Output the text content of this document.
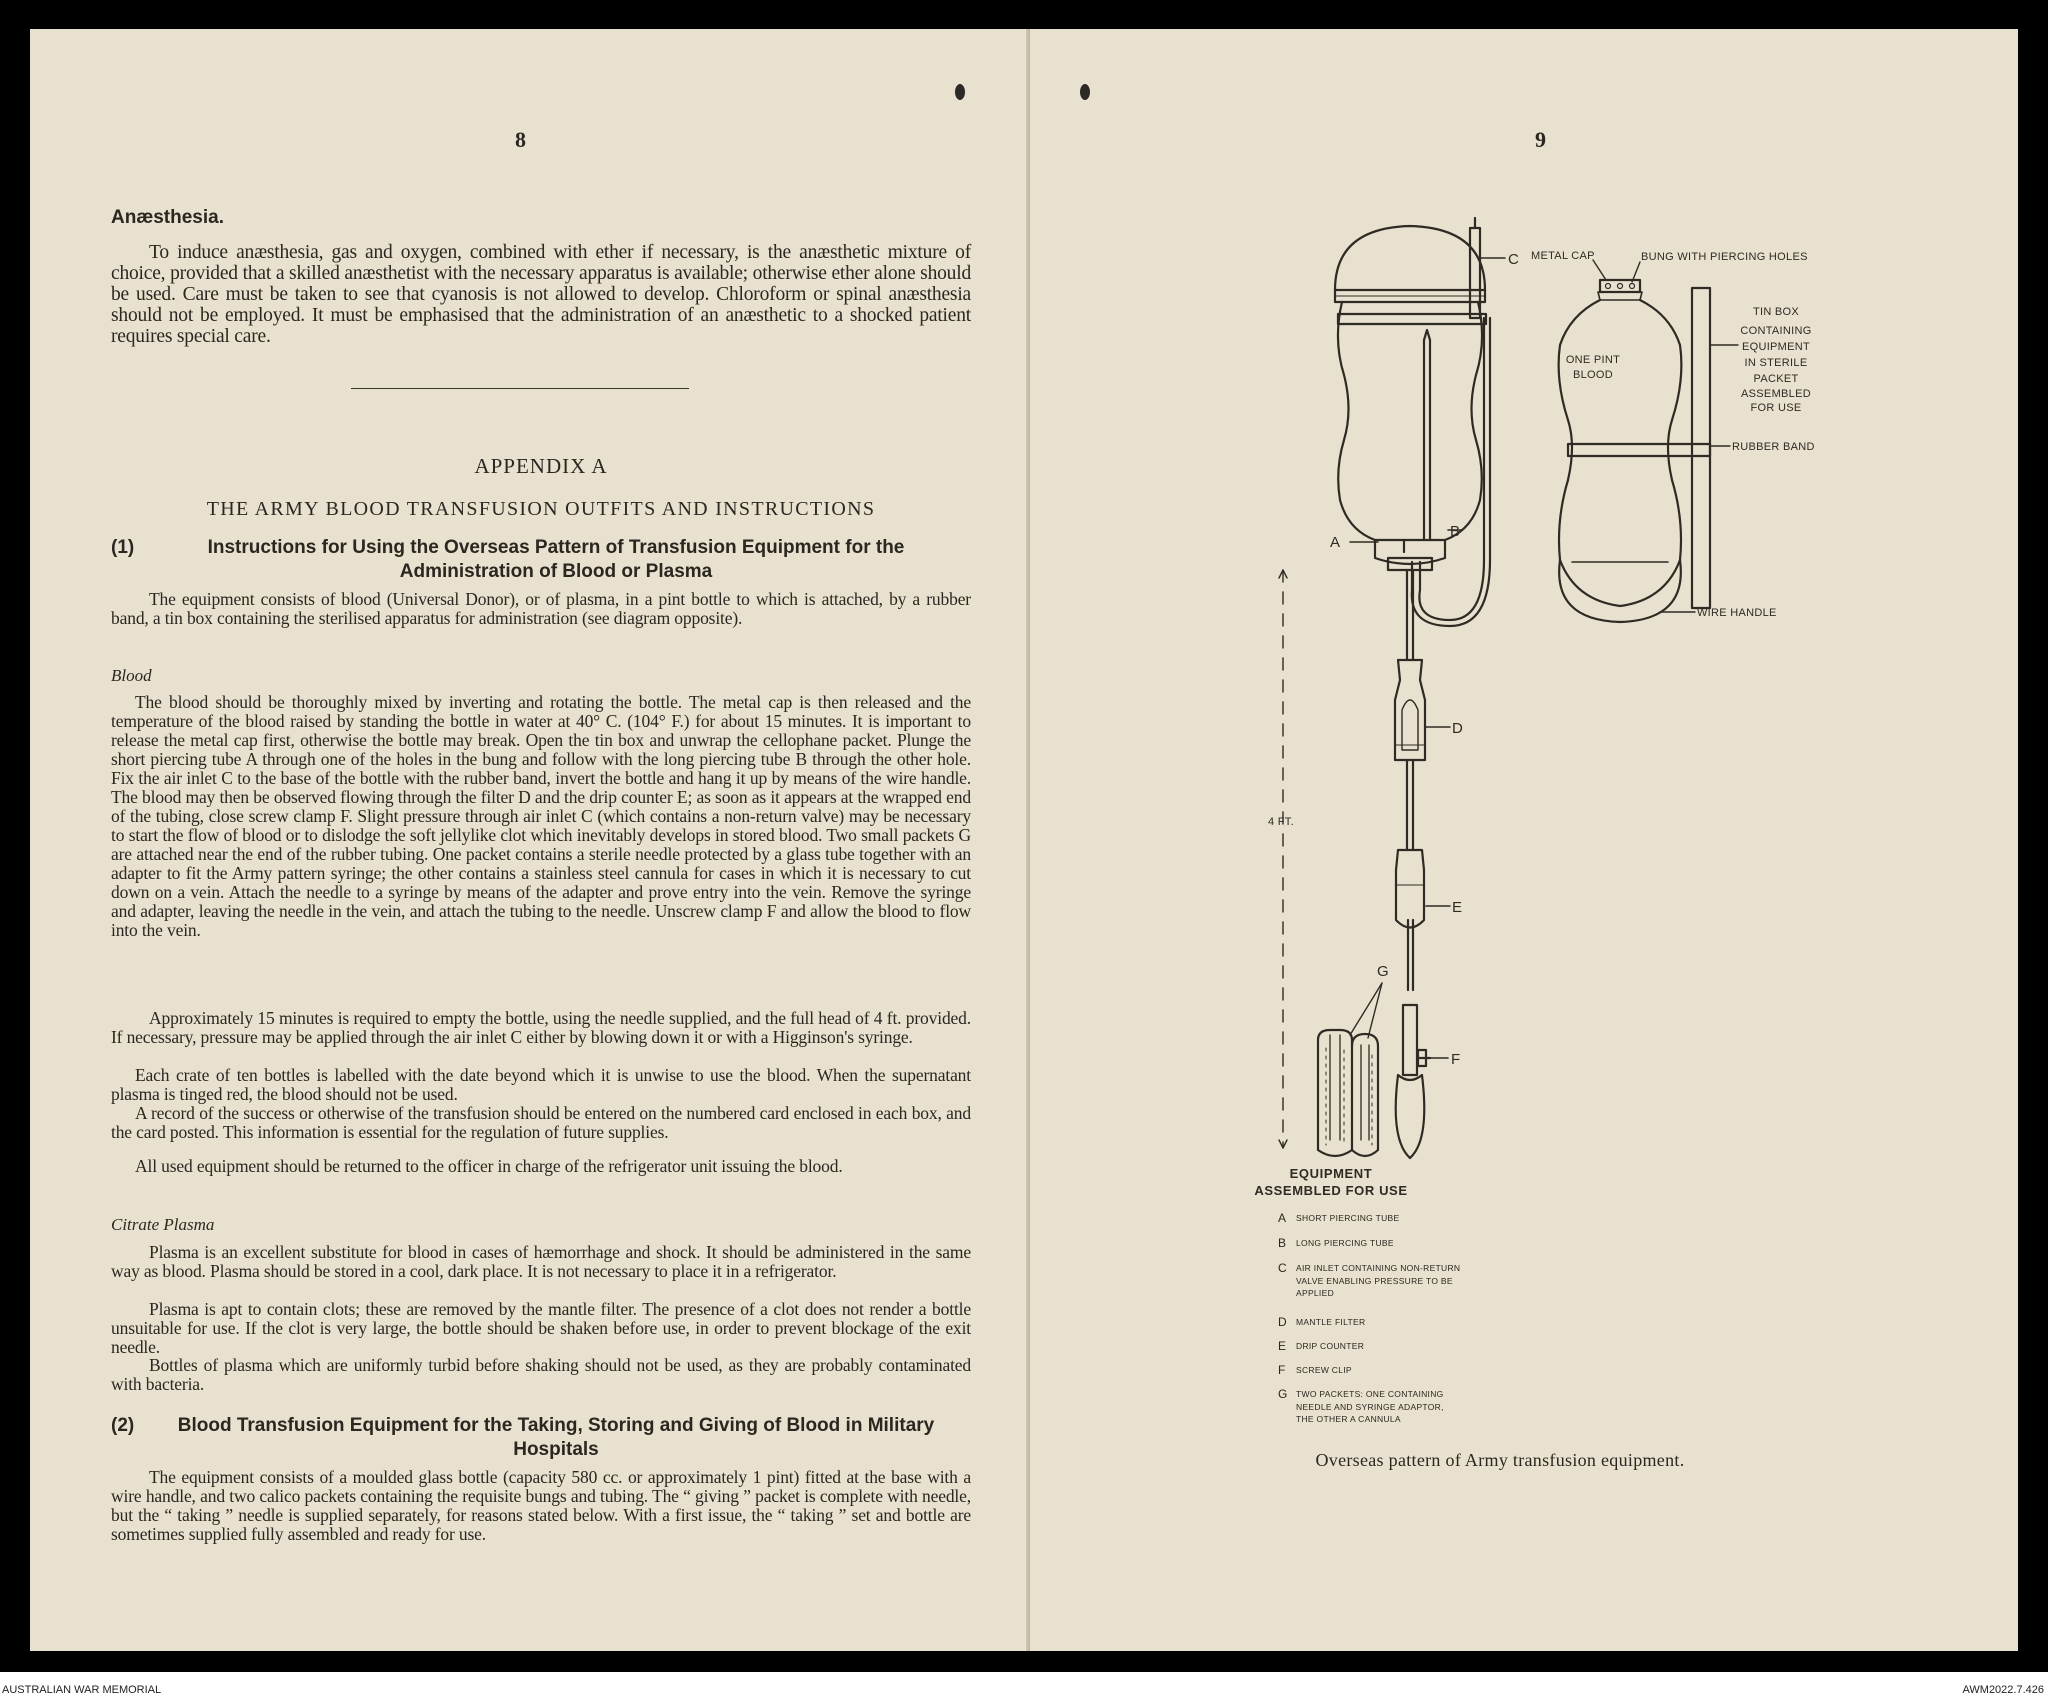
8
Anæsthesia.

To induce anæsthesia, gas and oxygen, combined with ether if necessary, is the anæsthetic mixture of choice, provided that a skilled anæsthetist with the necessary apparatus is available; otherwise ether alone should be used. Care must be taken to see that cyanosis is not allowed to develop. Chloroform or spinal anæsthesia should not be employed. It must be emphasised that the administration of an anæsthetic to a shocked patient requires special care.

APPENDIX A
THE ARMY BLOOD TRANSFUSION OUTFITS AND INSTRUCTIONS
(1)	Instructions for Using the Overseas Pattern of Transfusion Equipment for the Administration of Blood or Plasma

The equipment consists of blood (Universal Donor), or of plasma, in a pint bottle to which is attached, by a rubber band, a tin box containing the sterilised apparatus for administration (see diagram opposite).

Blood

The blood should be thoroughly mixed by inverting and rotating the bottle. The metal cap is then released and the temperature of the blood raised by standing the bottle in water at 40° C. (104° F.) for about 15 minutes. It is important to release the metal cap first, otherwise the bottle may break. Open the tin box and unwrap the cellophane packet. Plunge the short piercing tube A through one of the holes in the bung and follow with the long piercing tube B through the other hole. Fix the air inlet C to the base of the bottle with the rubber band, invert the bottle and hang it up by means of the wire handle. The blood may then be observed flowing through the filter D and the drip counter E; as soon as it appears at the wrapped end of the tubing, close screw clamp F. Slight pressure through air inlet C (which contains a non-return valve) may be necessary to start the flow of blood or to dislodge the soft jellylike clot which inevitably develops in stored blood. Two small packets G are attached near the end of the rubber tubing. One packet contains a sterile needle protected by a glass tube together with an adapter to fit the Army pattern syringe; the other contains a stainless steel cannula for cases in which it is necessary to cut down on a vein. Attach the needle to a syringe by means of the adapter and prove entry into the vein. Remove the syringe and adapter, leaving the needle in the vein, and attach the tubing to the needle. Unscrew clamp F and allow the blood to flow into the vein.

Approximately 15 minutes is required to empty the bottle, using the needle supplied, and the full head of 4 ft. provided. If necessary, pressure may be applied through the air inlet C either by blowing down it or with a Higginson's syringe.

Each crate of ten bottles is labelled with the date beyond which it is unwise to use the blood. When the supernatant plasma is tinged red, the blood should not be used.

A record of the success or otherwise of the transfusion should be entered on the numbered card enclosed in each box, and the card posted. This information is essential for the regulation of future supplies.

All used equipment should be returned to the officer in charge of the refrigerator unit issuing the blood.

Citrate Plasma

Plasma is an excellent substitute for blood in cases of hæmorrhage and shock. It should be administered in the same way as blood. Plasma should be stored in a cool, dark place. It is not necessary to place it in a refrigerator.

Plasma is apt to contain clots; these are removed by the mantle filter. The presence of a clot does not render a bottle unsuitable for use. If the clot is very large, the bottle should be shaken before use, in order to prevent blockage of the exit needle.

Bottles of plasma which are uniformly turbid before shaking should not be used, as they are probably contaminated with bacteria.

(2)	Blood Transfusion Equipment for the Taking, Storing and Giving of Blood in Military Hospitals

The equipment consists of a moulded glass bottle (capacity 580 cc. or approximately 1 pint) fitted at the base with a wire handle, and two calico packets containing the requisite bungs and tubing. The “ giving ” packet is complete with needle, but the “ taking ” needle is supplied separately, for reasons stated below. With a first issue, the “ taking ” set and bottle are sometimes supplied fully assembled and ready for use.

9
C
A
B
D
E
F
G
4 FT.
METAL CAP	BUNG WITH PIERCING HOLES
ONE PINT
BLOOD
TIN BOX
CONTAINING
EQUIPMENT
IN STERILE
PACKET
ASSEMBLED
FOR USE
RUBBER BAND
WIRE HANDLE
EQUIPMENT
ASSEMBLED FOR USE
A SHORT PIERCING TUBE
B LONG PIERCING TUBE
C AIR INLET CONTAINING NON-RETURN VALVE ENABLING PRESSURE TO BE APPLIED
D MANTLE FILTER
E DRIP COUNTER
F SCREW CLIP
G TWO PACKETS: ONE CONTAINING NEEDLE AND SYRINGE ADAPTOR, THE OTHER A CANNULA
Overseas pattern of Army transfusion equipment.
AUSTRALIAN WAR MEMORIAL	AWM2022.7.426
